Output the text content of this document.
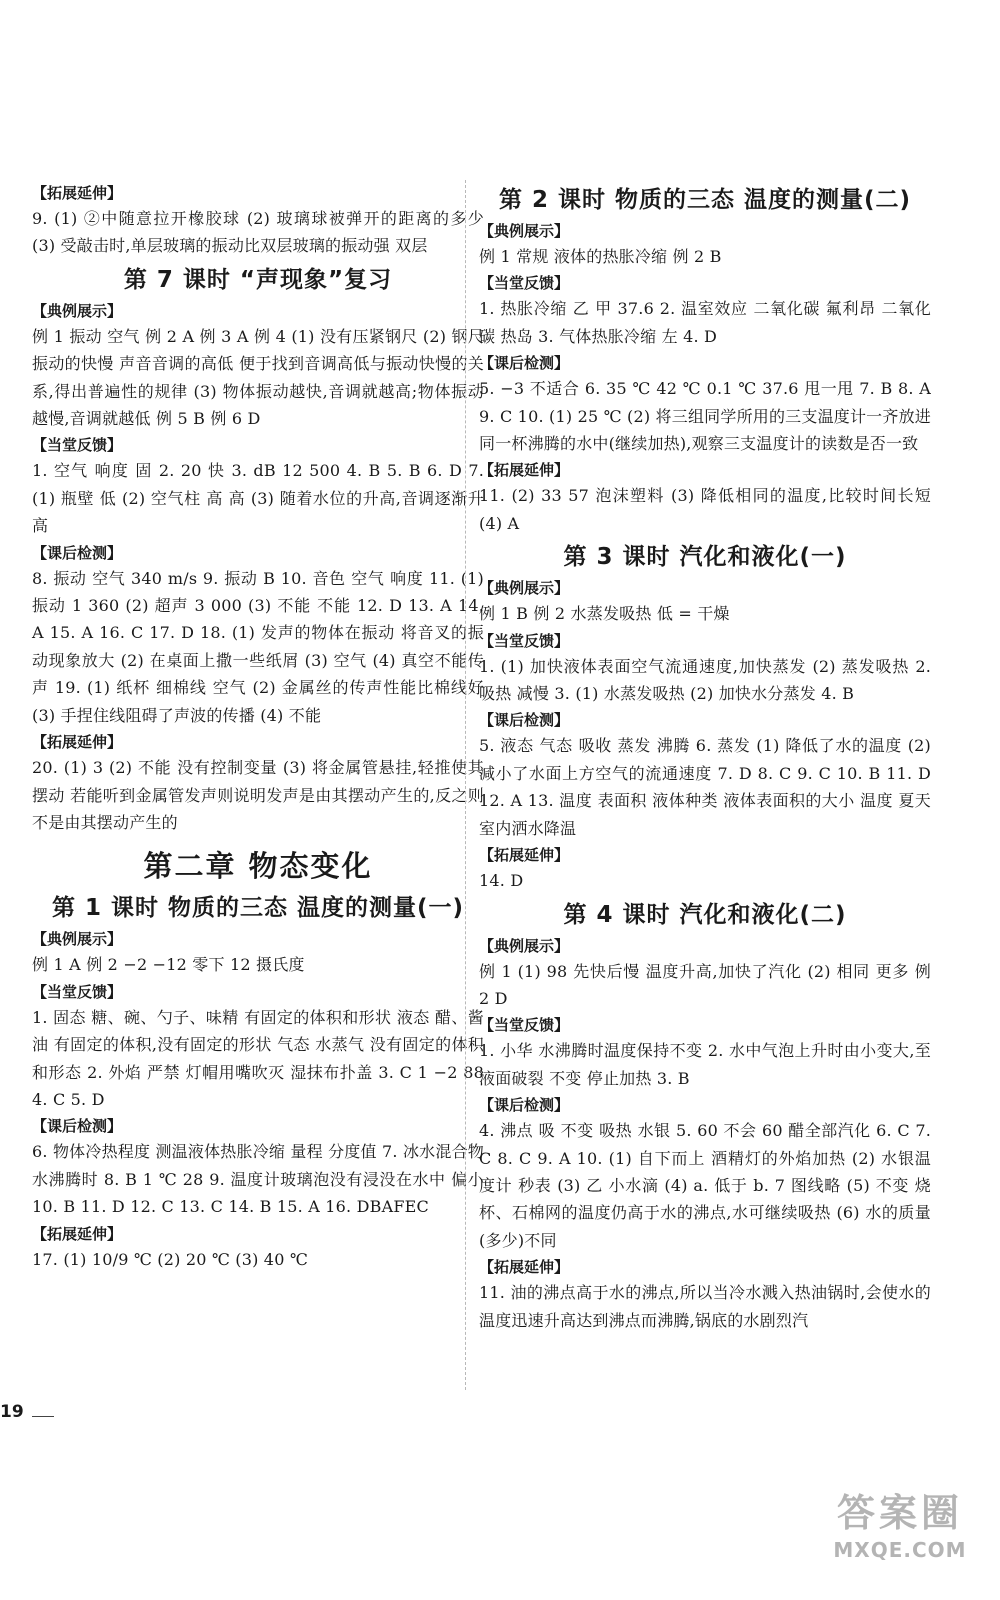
【拓展延伸】

9. (1) ②中随意拉开橡胶球 (2) 玻璃球被弹开的距离的多少 (3) 受敲击时,单层玻璃的振动比双层玻璃的振动强 双层

第 7 课时 “声现象”复习
【典例展示】

例 1 振动 空气 例 2 A 例 3 A 例 4 (1) 没有压紧钢尺 (2) 钢尺振动的快慢 声音音调的高低 便于找到音调高低与振动快慢的关系,得出普遍性的规律 (3) 物体振动越快,音调就越高;物体振动越慢,音调就越低 例 5 B 例 6 D

【当堂反馈】

1. 空气 响度 固 2. 20 快 3. dB 12 500 4. B 5. B 6. D 7. (1) 瓶壁 低 (2) 空气柱 高 高 (3) 随着水位的升高,音调逐渐升高

【课后检测】

8. 振动 空气 340 m/s 9. 振动 B 10. 音色 空气 响度 11. (1) 振动 1 360 (2) 超声 3 000 (3) 不能 不能 12. D 13. A 14. A 15. A 16. C 17. D 18. (1) 发声的物体在振动 将音叉的振动现象放大 (2) 在桌面上撒一些纸屑 (3) 空气 (4) 真空不能传声 19. (1) 纸杯 细棉线 空气 (2) 金属丝的传声性能比棉线好 (3) 手捏住线阻碍了声波的传播 (4) 不能

【拓展延伸】

20. (1) 3 (2) 不能 没有控制变量 (3) 将金属管悬挂,轻推使其摆动 若能听到金属管发声则说明发声是由其摆动产生的,反之则不是由其摆动产生的

第二章 物态变化
第 1 课时 物质的三态 温度的测量(一)
【典例展示】

例 1 A 例 2 −2 −12 零下 12 摄氏度

【当堂反馈】

1. 固态 糖、碗、勺子、味精 有固定的体积和形状 液态 醋、酱油 有固定的体积,没有固定的形状 气态 水蒸气 没有固定的体积和形态 2. 外焰 严禁 灯帽用嘴吹灭 湿抹布扑盖 3. C 1 −2 88 4. C 5. D

【课后检测】

6. 物体冷热程度 测温液体热胀冷缩 量程 分度值 7. 冰水混合物 水沸腾时 8. B 1 ℃ 28 9. 温度计玻璃泡没有浸没在水中 偏小 10. B 11. D 12. C 13. C 14. B 15. A 16. DBAFEC

【拓展延伸】

17. (1) 10/9 ℃ (2) 20 ℃ (3) 40 ℃

第 2 课时 物质的三态 温度的测量(二)
【典例展示】

例 1 常规 液体的热胀冷缩 例 2 B

【当堂反馈】

1. 热胀冷缩 乙 甲 37.6 2. 温室效应 二氧化碳 氟利昂 二氧化碳 热岛 3. 气体热胀冷缩 左 4. D

【课后检测】

5. −3 不适合 6. 35 ℃ 42 ℃ 0.1 ℃ 37.6 甩一甩 7. B 8. A 9. C 10. (1) 25 ℃ (2) 将三组同学所用的三支温度计一齐放进同一杯沸腾的水中(继续加热),观察三支温度计的读数是否一致

【拓展延伸】

11. (2) 33 57 泡沫塑料 (3) 降低相同的温度,比较时间长短 (4) A

第 3 课时 汽化和液化(一)
【典例展示】

例 1 B 例 2 水蒸发吸热 低 = 干燥

【当堂反馈】

1. (1) 加快液体表面空气流通速度,加快蒸发 (2) 蒸发吸热 2. 吸热 减慢 3. (1) 水蒸发吸热 (2) 加快水分蒸发 4. B

【课后检测】

5. 液态 气态 吸收 蒸发 沸腾 6. 蒸发 (1) 降低了水的温度 (2) 减小了水面上方空气的流通速度 7. D 8. C 9. C 10. B 11. D 12. A 13. 温度 表面积 液体种类 液体表面积的大小 温度 夏天室内洒水降温

【拓展延伸】

14. D

第 4 课时 汽化和液化(二)
【典例展示】

例 1 (1) 98 先快后慢 温度升高,加快了汽化 (2) 相同 更多 例 2 D

【当堂反馈】

1. 小华 水沸腾时温度保持不变 2. 水中气泡上升时由小变大,至液面破裂 不变 停止加热 3. B

【课后检测】

4. 沸点 吸 不变 吸热 水银 5. 60 不会 60 醋全部汽化 6. C 7. C 8. C 9. A 10. (1) 自下而上 酒精灯的外焰加热 (2) 水银温度计 秒表 (3) 乙 小水滴 (4) a. 低于 b. 7 图线略 (5) 不变 烧杯、石棉网的温度仍高于水的沸点,水可继续吸热 (6) 水的质量(多少)不同

【拓展延伸】

11. 油的沸点高于水的沸点,所以当冷水溅入热油锅时,会使水的温度迅速升高达到沸点而沸腾,锅底的水剧烈汽

19
答案圈
MXQE.COM
